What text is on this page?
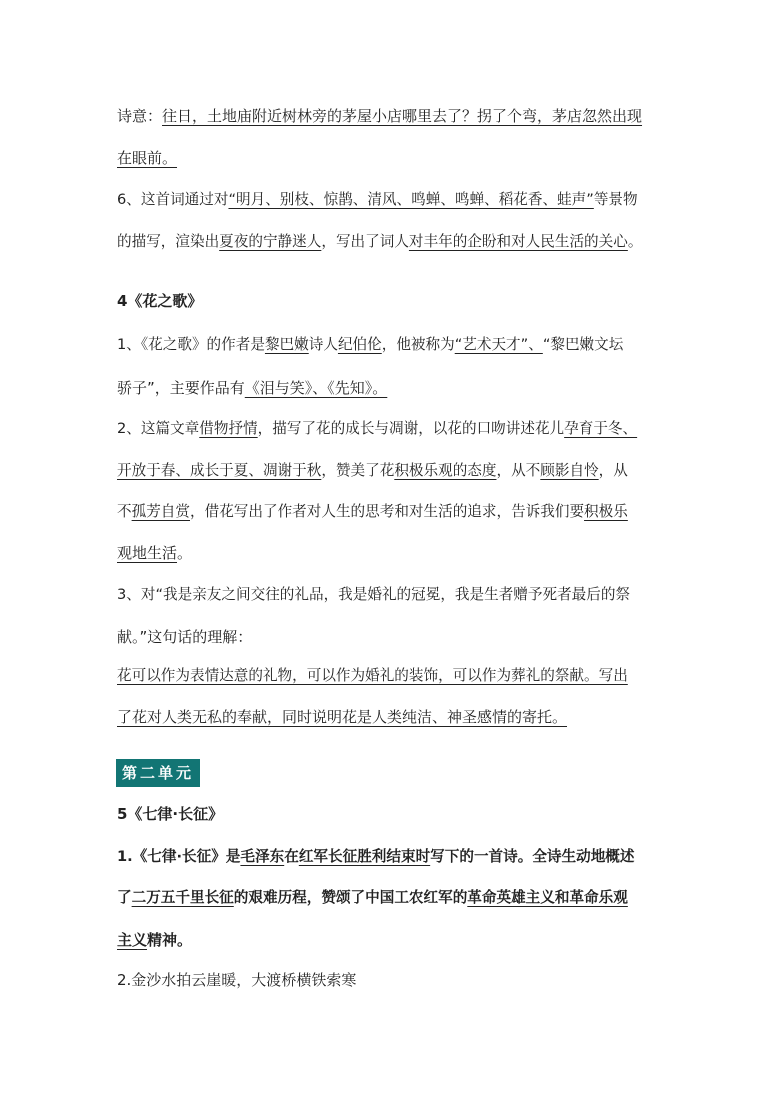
诗意：往日，土地庙附近树林旁的茅屋小店哪里去了？拐了个弯，茅店忽然出现
在眼前。
6、这首词通过对“明月、别枝、惊鹊、清风、鸣蝉、鸣蝉、稻花香、蛙声”等景物
的描写，渲染出夏夜的宁静迷人，写出了词人对丰年的企盼和对人民生活的关心。
4《花之歌》
1、《花之歌》的作者是黎巴嫩诗人纪伯伦，他被称为“艺术天才”、“黎巴嫩文坛
骄子”，主要作品有《泪与笑》、《先知》。
2、这篇文章借物抒情，描写了花的成长与凋谢，以花的口吻讲述花儿孕育于冬、
开放于春、成长于夏、凋谢于秋，赞美了花积极乐观的态度，从不顾影自怜，从
不孤芳自赏，借花写出了作者对人生的思考和对生活的追求，告诉我们要积极乐
观地生活。
3、对“我是亲友之间交往的礼品，我是婚礼的冠冕，我是生者赠予死者最后的祭
献。”这句话的理解：
花可以作为表情达意的礼物，可以作为婚礼的装饰，可以作为葬礼的祭献。写出
了花对人类无私的奉献，同时说明花是人类纯洁、神圣感情的寄托。
第二单元
5《七律·长征》
1.《七律·长征》是毛泽东在红军长征胜利结束时写下的一首诗。全诗生动地概述
了二万五千里长征的艰难历程，赞颂了中国工农红军的革命英雄主义和革命乐观
主义精神。
2.金沙水拍云崖暖，大渡桥横铁索寒
